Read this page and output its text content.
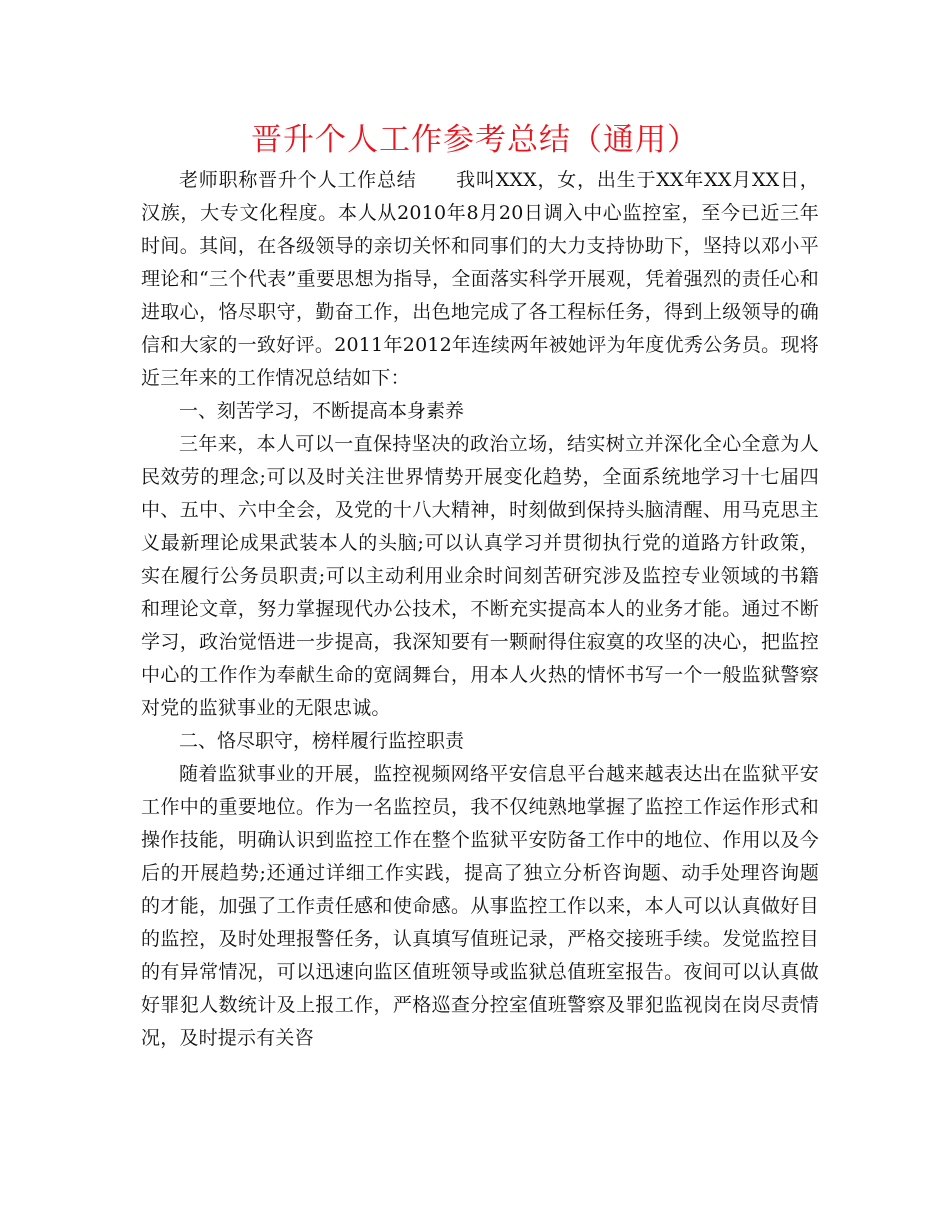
晋升个人工作参考总结（通用）

老师职称晋升个人工作总结　　我叫XXX，女，出生于XX年XX月XX日，汉族，大专文化程度。本人从2010年8月20日调入中心监控室，至今已近三年时间。其间，在各级领导的亲切关怀和同事们的大力支持协助下，坚持以邓小平理论和“三个代表”重要思想为指导，全面落实科学开展观，凭着强烈的责任心和进取心，恪尽职守，勤奋工作，出色地完成了各工程标任务，得到上级领导的确信和大家的一致好评。2011年2012年连续两年被她评为年度优秀公务员。现将近三年来的工作情况总结如下：

一、刻苦学习，不断提高本身素养

三年来，本人可以一直保持坚决的政治立场，结实树立并深化全心全意为人民效劳的理念;可以及时关注世界情势开展变化趋势，全面系统地学习十七届四中、五中、六中全会，及党的十八大精神，时刻做到保持头脑清醒、用马克思主义最新理论成果武装本人的头脑;可以认真学习并贯彻执行党的道路方针政策，实在履行公务员职责;可以主动利用业余时间刻苦研究涉及监控专业领域的书籍和理论文章，努力掌握现代办公技术，不断充实提高本人的业务才能。通过不断学习，政治觉悟进一步提高，我深知要有一颗耐得住寂寞的攻坚的决心，把监控中心的工作作为奉献生命的宽阔舞台，用本人火热的情怀书写一个一般监狱警察对党的监狱事业的无限忠诚。

二、恪尽职守，榜样履行监控职责

随着监狱事业的开展，监控视频网络平安信息平台越来越表达出在监狱平安工作中的重要地位。作为一名监控员，我不仅纯熟地掌握了监控工作运作形式和操作技能，明确认识到监控工作在整个监狱平安防备工作中的地位、作用以及今后的开展趋势;还通过详细工作实践，提高了独立分析咨询题、动手处理咨询题的才能，加强了工作责任感和使命感。从事监控工作以来，本人可以认真做好目的监控，及时处理报警任务，认真填写值班记录，严格交接班手续。发觉监控目的有异常情况，可以迅速向监区值班领导或监狱总值班室报告。夜间可以认真做好罪犯人数统计及上报工作，严格巡查分控室值班警察及罪犯监视岗在岗尽责情况，及时提示有关咨
